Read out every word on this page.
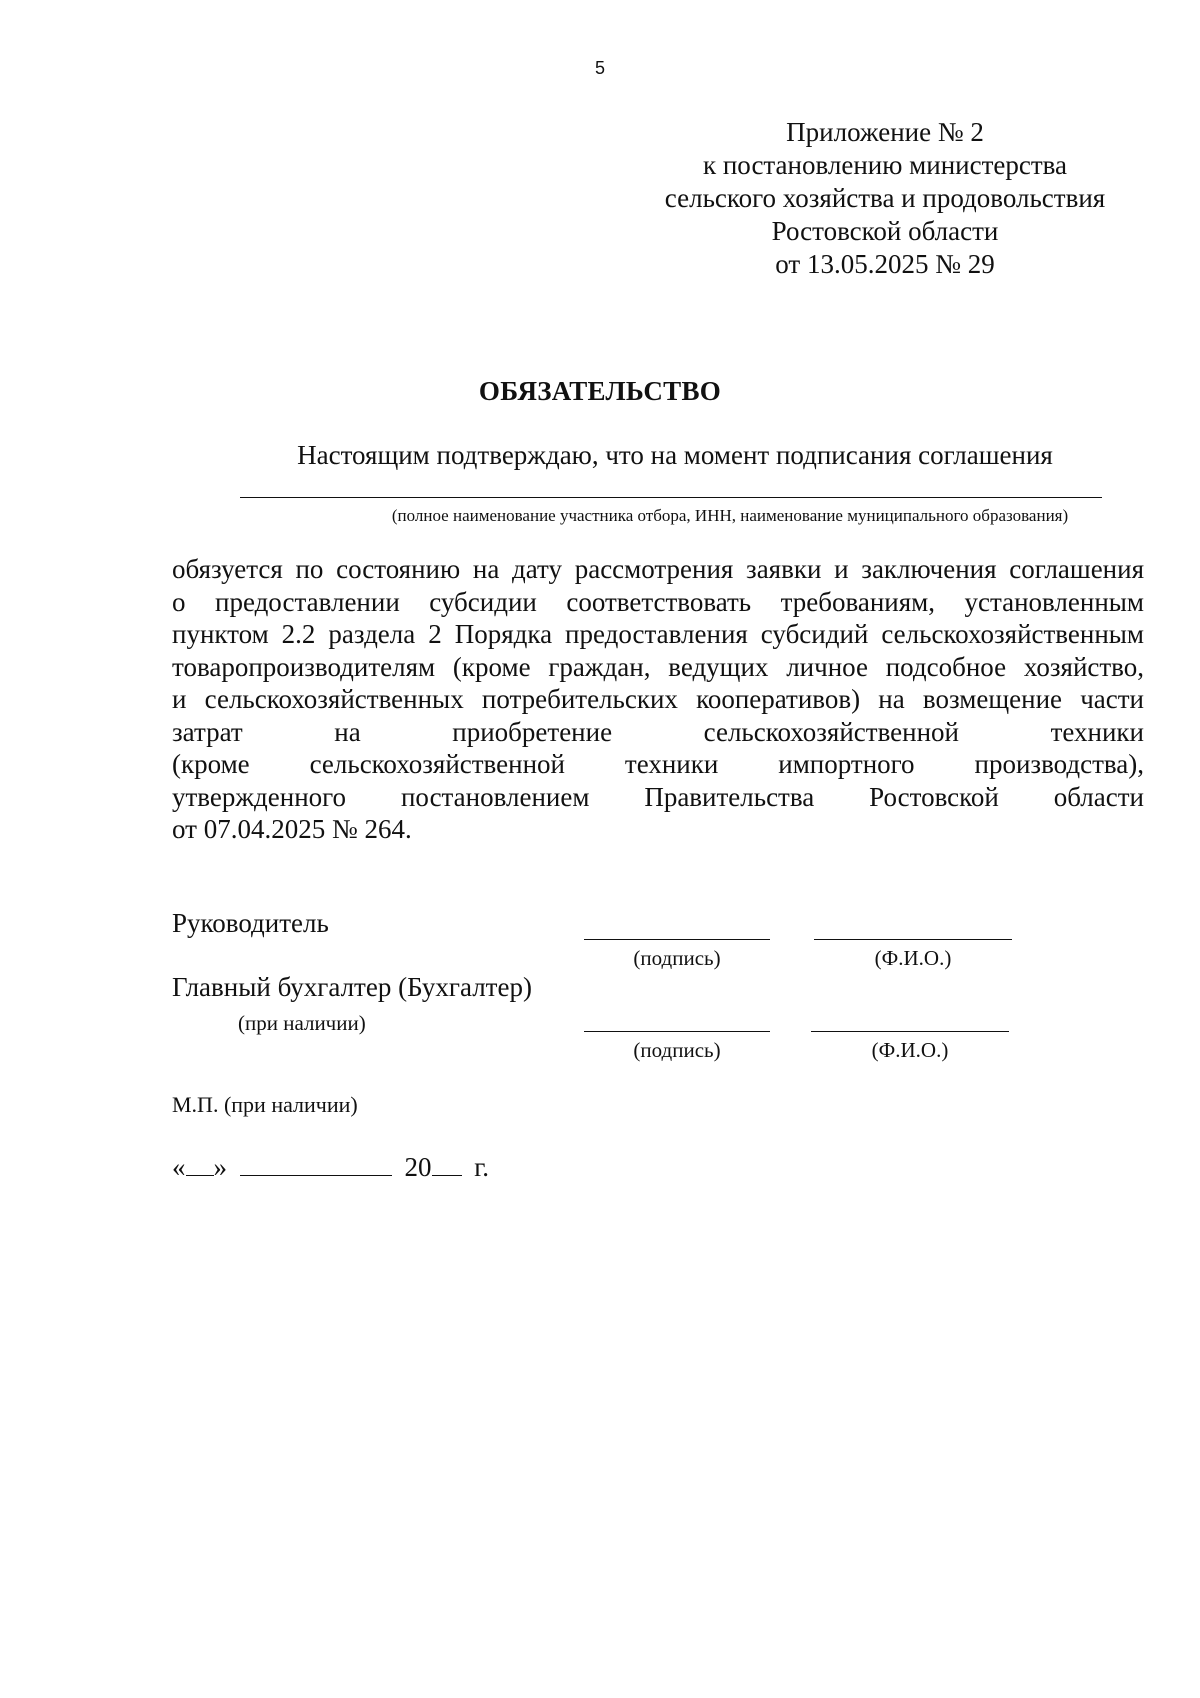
5
Приложение № 2
к постановлению министерства
сельского хозяйства и продовольствия
Ростовской области
от 13.05.2025 № 29
ОБЯЗАТЕЛЬСТВО
Настоящим подтверждаю, что на момент подписания соглашения
(полное наименование участника отбора, ИНН, наименование муниципального образования)
обязуется по состоянию на дату рассмотрения заявки и заключения соглашения
о предоставлении субсидии соответствовать требованиям, установленным
пунктом 2.2 раздела 2 Порядка предоставления субсидий сельскохозяйственным
товаропроизводителям (кроме граждан, ведущих личное подсобное хозяйство,
и сельскохозяйственных потребительских кооперативов) на возмещение части
затрат на приобретение сельскохозяйственной техники
(кроме сельскохозяйственной техники импортного производства),
утвержденного постановлением Правительства Ростовской области
от 07.04.2025 № 264.
Руководитель
(подпись)	(Ф.И.О.)
Главный бухгалтер (Бухгалтер)
(при наличии)
(подпись)	(Ф.И.О.)
М.П. (при наличии)
« »	20 г.
